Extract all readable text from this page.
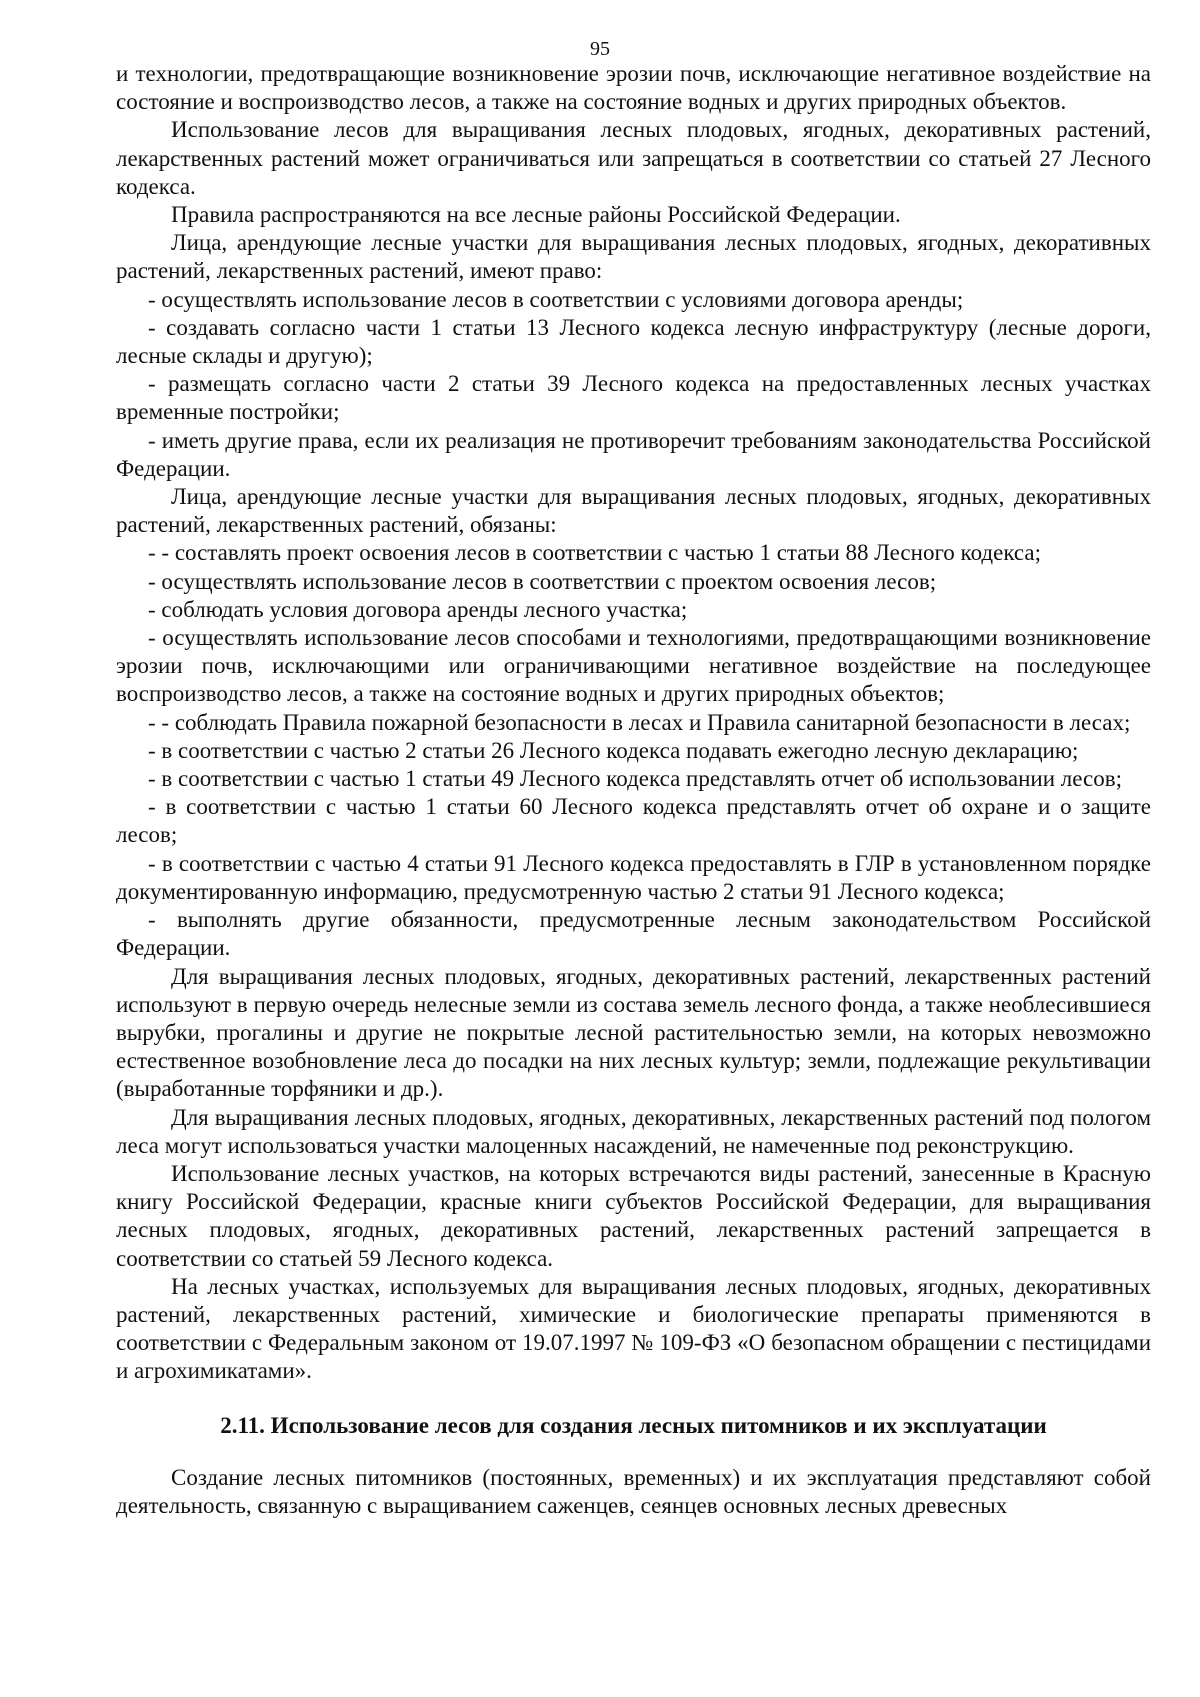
95

и технологии, предотвращающие возникновение эрозии почв, исключающие негативное воздействие на состояние и воспроизводство лесов, а также на состояние водных и других природных объектов.

Использование лесов для выращивания лесных плодовых, ягодных, декоративных растений, лекарственных растений может ограничиваться или запрещаться в соответствии со статьей 27 Лесного кодекса.

Правила распространяются на все лесные районы Российской Федерации.

Лица, арендующие лесные участки для выращивания лесных плодовых, ягодных, декоративных растений, лекарственных растений, имеют право:

- осуществлять использование лесов в соответствии с условиями договора аренды;

- создавать согласно части 1 статьи 13 Лесного кодекса лесную инфраструктуру (лесные дороги, лесные склады и другую);

- размещать согласно части 2 статьи 39 Лесного кодекса на предоставленных лесных участках временные постройки;

- иметь другие права, если их реализация не противоречит требованиям законодательства Российской Федерации.

Лица, арендующие лесные участки для выращивания лесных плодовых, ягодных, декоративных растений, лекарственных растений, обязаны:

- - составлять проект освоения лесов в соответствии с частью 1 статьи 88 Лесного кодекса;

- осуществлять использование лесов в соответствии с проектом освоения лесов;

- соблюдать условия договора аренды лесного участка;

- осуществлять использование лесов способами и технологиями, предотвращающими возникновение эрозии почв, исключающими или ограничивающими негативное воздействие на последующее воспроизводство лесов, а также на состояние водных и других природных объектов;

- - соблюдать Правила пожарной безопасности в лесах и Правила санитарной безопасности в лесах;

- в соответствии с частью 2 статьи 26 Лесного кодекса подавать ежегодно лесную декларацию;

- в соответствии с частью 1 статьи 49 Лесного кодекса представлять отчет об использовании лесов;

- в соответствии с частью 1 статьи 60 Лесного кодекса представлять отчет об охране и о защите лесов;

- в соответствии с частью 4 статьи 91 Лесного кодекса предоставлять в ГЛР в установленном порядке документированную информацию, предусмотренную частью 2 статьи 91 Лесного кодекса;

- выполнять другие обязанности, предусмотренные лесным законодательством Российской Федерации.

Для выращивания лесных плодовых, ягодных, декоративных растений, лекарственных растений используют в первую очередь нелесные земли из состава земель лесного фонда, а также необлесившиеся вырубки, прогалины и другие не покрытые лесной растительностью земли, на которых невозможно естественное возобновление леса до посадки на них лесных культур; земли, подлежащие рекультивации (выработанные торфяники и др.).

Для выращивания лесных плодовых, ягодных, декоративных, лекарственных растений под пологом леса могут использоваться участки малоценных насаждений, не намеченные под реконструкцию.

Использование лесных участков, на которых встречаются виды растений, занесенные в Красную книгу Российской Федерации, красные книги субъектов Российской Федерации, для выращивания лесных плодовых, ягодных, декоративных растений, лекарственных растений запрещается в соответствии со статьей 59 Лесного кодекса.

На лесных участках, используемых для выращивания лесных плодовых, ягодных, декоративных растений, лекарственных растений, химические и биологические препараты применяются в соответствии с Федеральным законом от 19.07.1997 № 109-ФЗ «О безопасном обращении с пестицидами и агрохимикатами».

2.11. Использование лесов для создания лесных питомников и их эксплуатации

Создание лесных питомников (постоянных, временных) и их эксплуатация представляют собой деятельность, связанную с выращиванием саженцев, сеянцев основных лесных древесных
